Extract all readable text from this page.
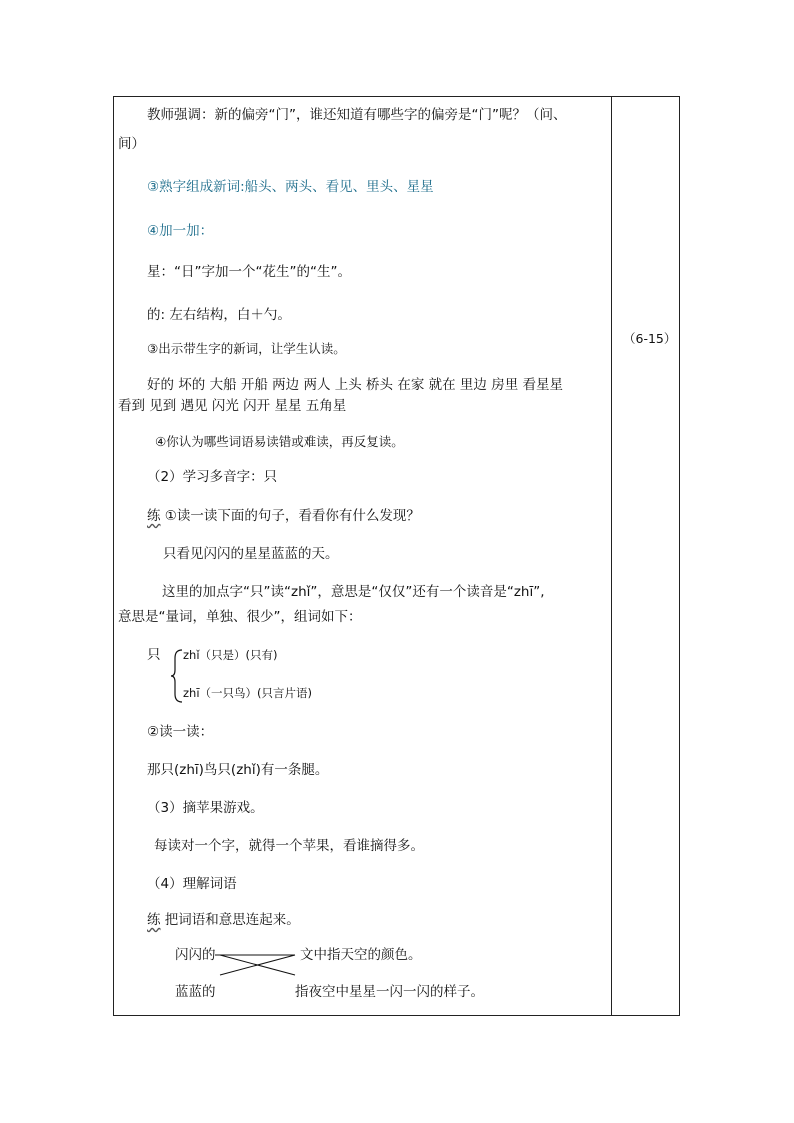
教师强调：新的偏旁“门”，谁还知道有哪些字的偏旁是“门”呢？（问、
间）
③熟字组成新词:船头、两头、看见、里头、星星
④加一加：
星：“日”字加一个“花生”的“生”。
的: 左右结构，白＋勺。
③出示带生字的新词，让学生认读。
好的 坏的 大船 开船 两边 两人 上头 桥头 在家 就在 里边 房里 看星星
看到 见到 遇见 闪光 闪开 星星 五角星
④你认为哪些词语易读错或难读，再反复读。
（2）学习多音字：只
练 ①读一读下面的句子，看看你有什么发现？
只看见闪闪的星星蓝蓝的天。
这里的加点字“只”读“zhǐ”，意思是“仅仅”还有一个读音是“zhī”,
意思是“量词，单独、很少”，组词如下：
只 zhǐ（只是）(只有)
zhī（一只鸟）(只言片语)
②读一读：
那只(zhī)鸟只(zhǐ)有一条腿。
（3）摘苹果游戏。
每读对一个字，就得一个苹果，看谁摘得多。
（4）理解词语
练 把词语和意思连起来。
闪闪的
蓝蓝的
文中指天空的颜色。
指夜空中星星一闪一闪的样子。
（6-15）
